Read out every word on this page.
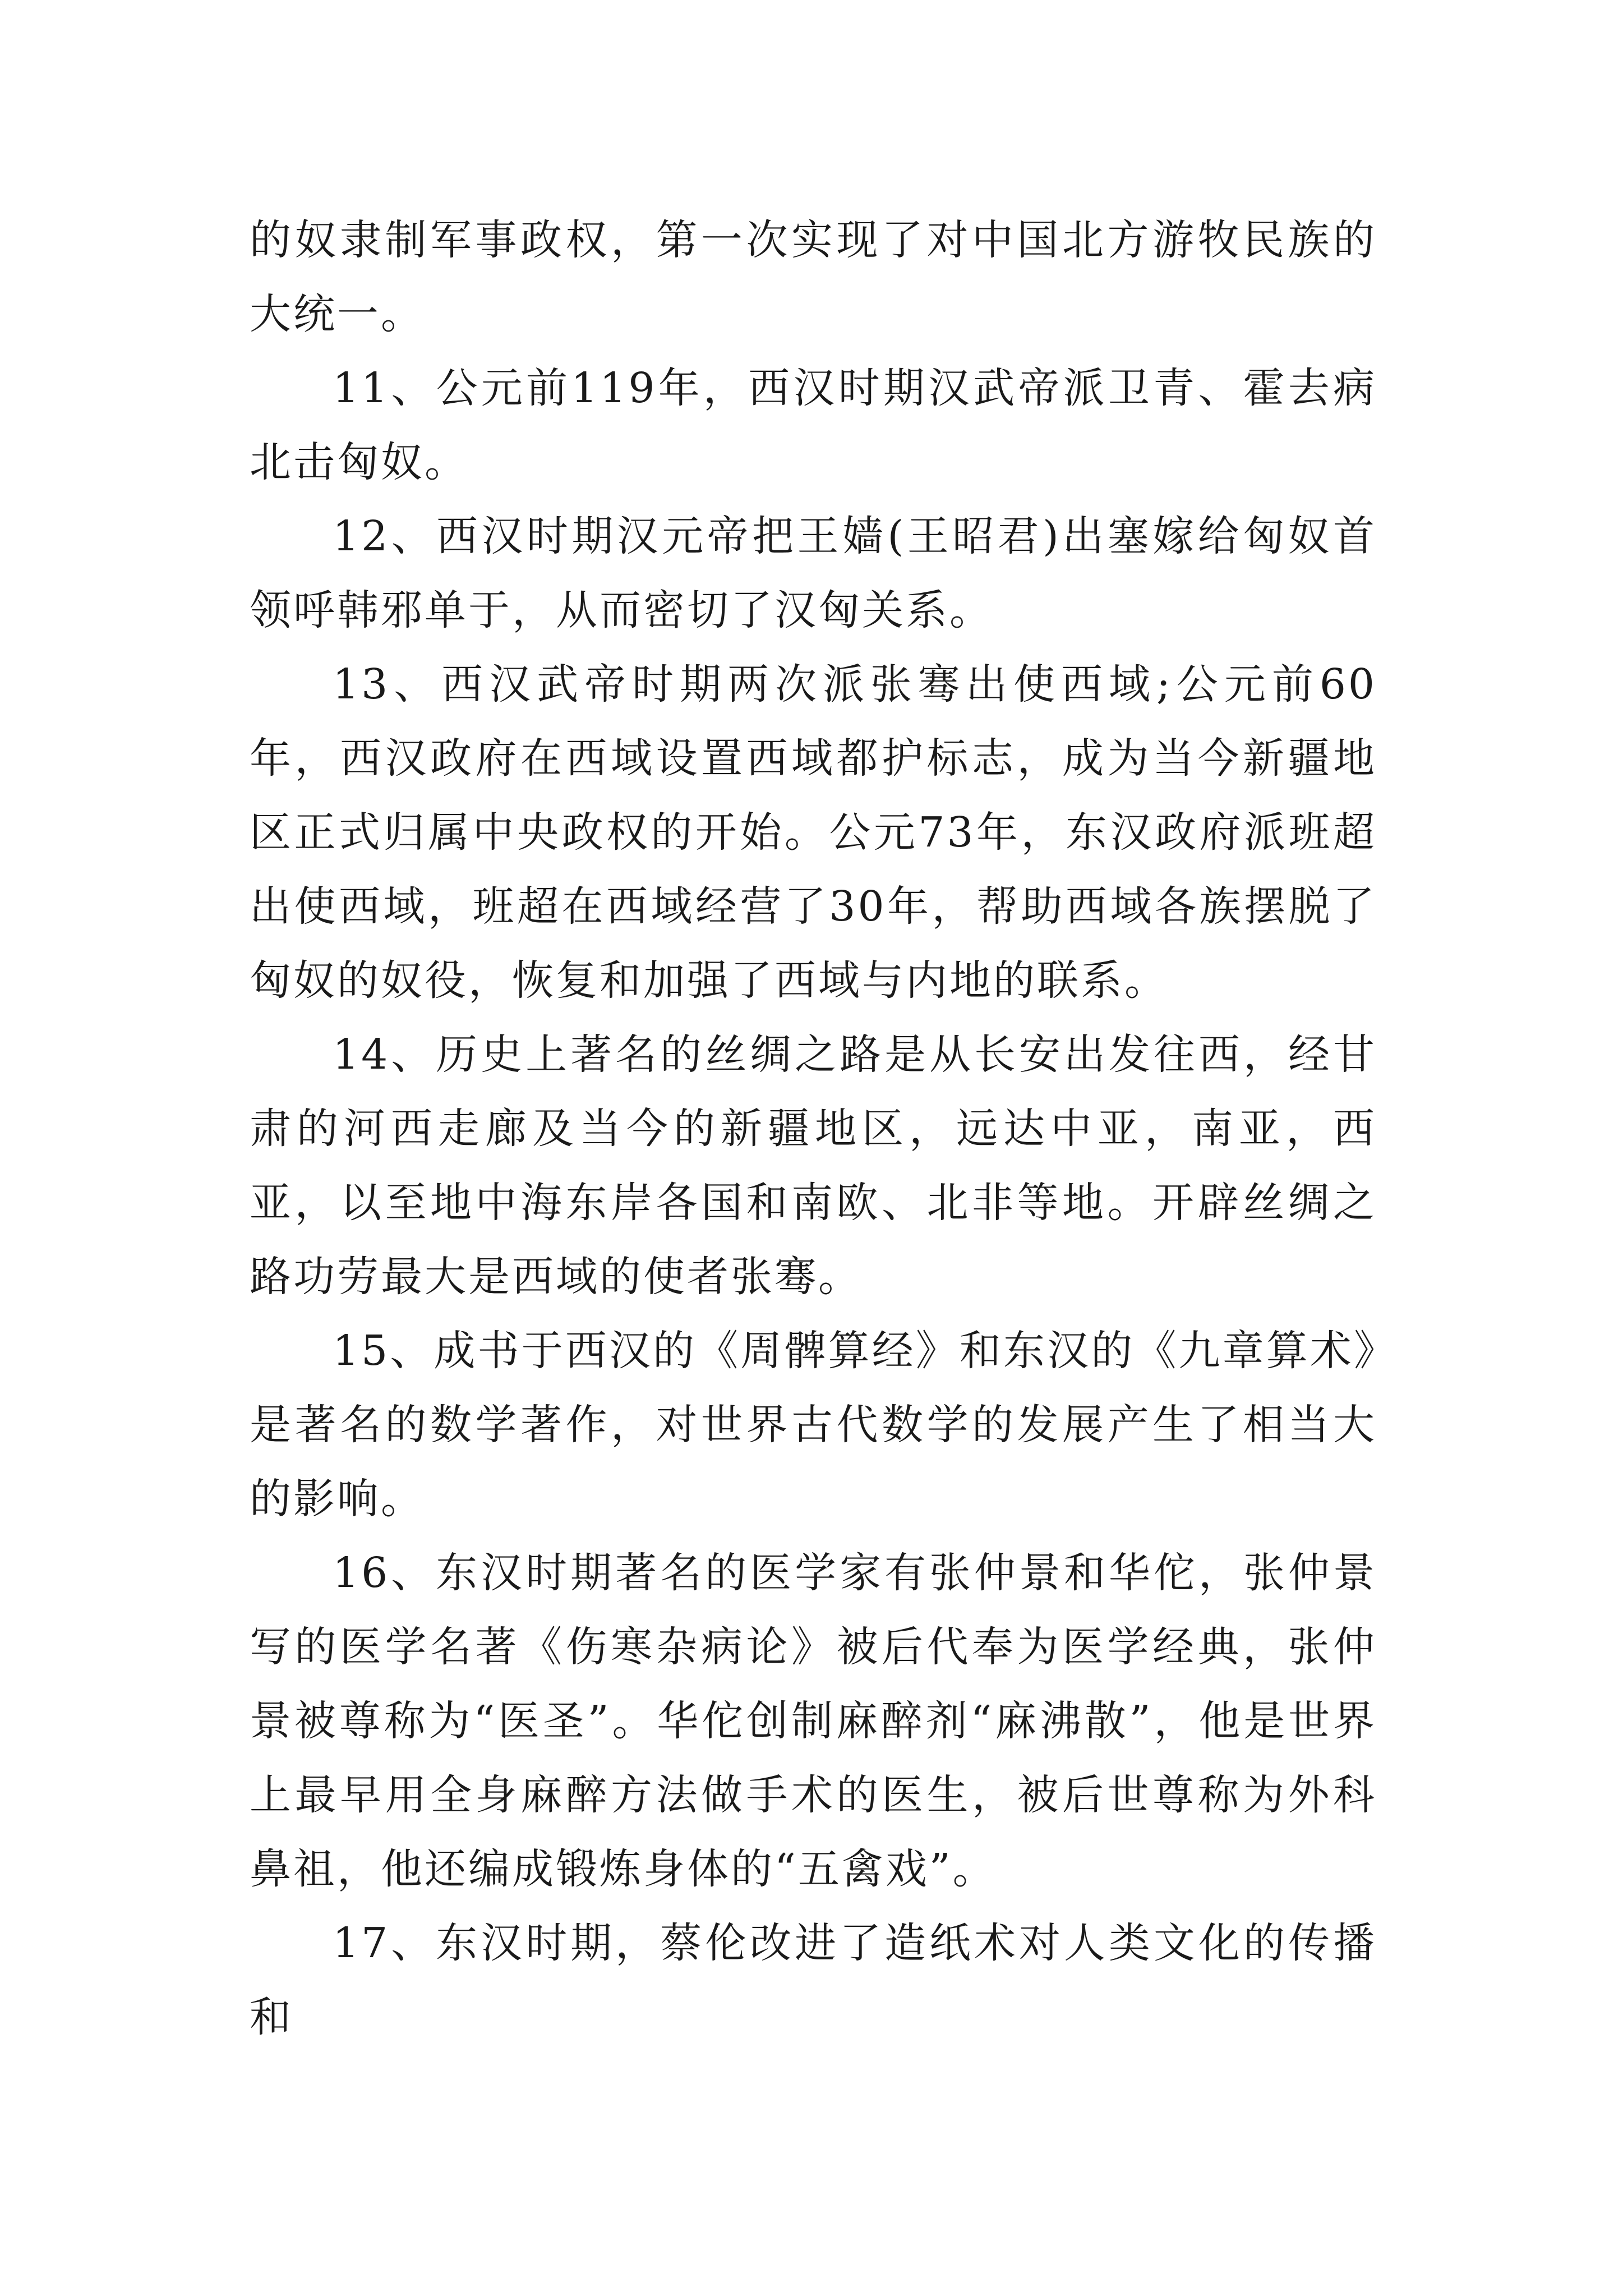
的奴隶制军事政权，第一次实现了对中国北方游牧民族的大统一。

11、公元前119年，西汉时期汉武帝派卫青、霍去病北击匈奴。

12、西汉时期汉元帝把王嫱(王昭君)出塞嫁给匈奴首领呼韩邪单于，从而密切了汉匈关系。

13、西汉武帝时期两次派张骞出使西域;公元前60年，西汉政府在西域设置西域都护标志，成为当今新疆地区正式归属中央政权的开始。公元73年，东汉政府派班超出使西域，班超在西域经营了30年，帮助西域各族摆脱了匈奴的奴役，恢复和加强了西域与内地的联系。

14、历史上著名的丝绸之路是从长安出发往西，经甘肃的河西走廊及当今的新疆地区，远达中亚，南亚，西亚，以至地中海东岸各国和南欧、北非等地。开辟丝绸之路功劳最大是西域的使者张骞。

15、成书于西汉的《周髀算经》和东汉的《九章算术》是著名的数学著作，对世界古代数学的发展产生了相当大的影响。

16、东汉时期著名的医学家有张仲景和华佗，张仲景写的医学名著《伤寒杂病论》被后代奉为医学经典，张仲景被尊称为“医圣”。华佗创制麻醉剂“麻沸散”，他是世界上最早用全身麻醉方法做手术的医生，被后世尊称为外科鼻祖，他还编成锻炼身体的“五禽戏”。

17、东汉时期，蔡伦改进了造纸术对人类文化的传播和
